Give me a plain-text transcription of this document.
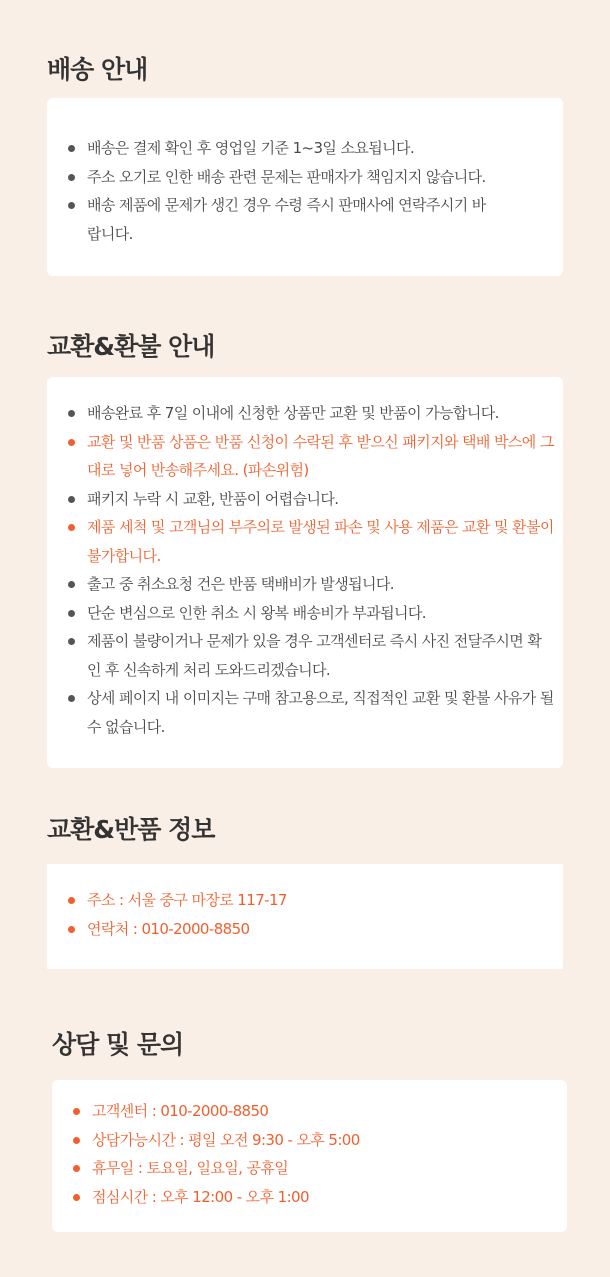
배송 안내
배송은 결제 확인 후 영업일 기준 1~3일 소요됩니다.
주소 오기로 인한 배송 관련 문제는 판매자가 책임지지 않습니다.
배송 제품에 문제가 생긴 경우 수령 즉시 판매사에 연락주시기 바랍니다.
교환&환불 안내
배송완료 후 7일 이내에 신청한 상품만 교환 및 반품이 가능합니다.
교환 및 반품 상품은 반품 신청이 수락된 후 받으신 패키지와 택배 박스에 그대로 넣어 반송해주세요. (파손위험)
패키지 누락 시 교환, 반품이 어렵습니다.
제품 세척 및 고객님의 부주의로 발생된 파손 및 사용 제품은 교환 및 환불이 불가합니다.
출고 중 취소요청 건은 반품 택배비가 발생됩니다.
단순 변심으로 인한 취소 시 왕복 배송비가 부과됩니다.
제품이 불량이거나 문제가 있을 경우 고객센터로 즉시 사진 전달주시면 확인 후 신속하게 처리 도와드리겠습니다.
상세 페이지 내 이미지는 구매 참고용으로, 직접적인 교환 및 환불 사유가 될 수 없습니다.
교환&반품 정보
주소 : 서울 중구 마장로 117-17
연락처 : 010-2000-8850
상담 및 문의
고객센터 : 010-2000-8850
상담가능시간 : 평일 오전 9:30 - 오후 5:00
휴무일 : 토요일, 일요일, 공휴일
점심시간 : 오후 12:00 - 오후 1:00
